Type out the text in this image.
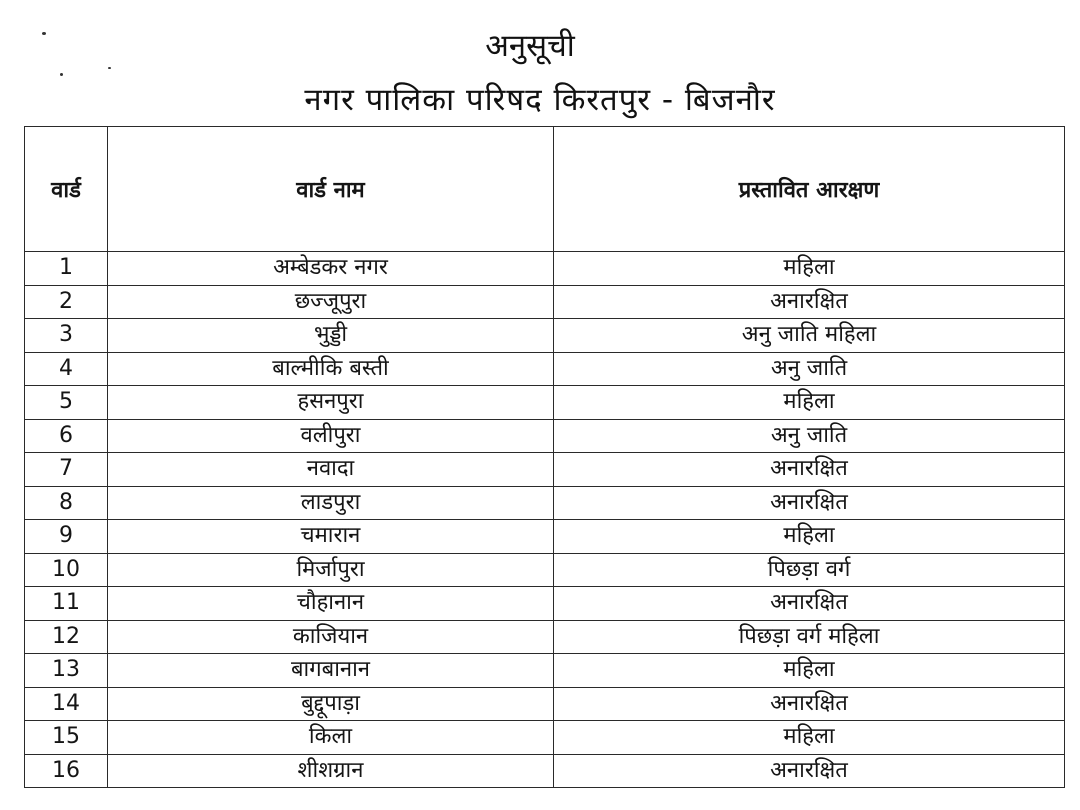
अनुसूची
नगर पालिका परिषद किरतपुर - बिजनौर
वार्ड	वार्ड नाम	प्रस्तावित आरक्षण
1	अम्बेडकर नगर	महिला
2	छज्जूपुरा	अनारक्षित
3	भुड्डी	अनु जाति महिला
4	बाल्मीकि बस्ती	अनु जाति
5	हसनपुरा	महिला
6	वलीपुरा	अनु जाति
7	नवादा	अनारक्षित
8	लाडपुरा	अनारक्षित
9	चमारान	महिला
10	मिर्जापुरा	पिछड़ा वर्ग
11	चौहानान	अनारक्षित
12	काजियान	पिछड़ा वर्ग महिला
13	बागबानान	महिला
14	बुद्दूपाड़ा	अनारक्षित
15	किला	महिला
16	शीशग्रान	अनारक्षित
